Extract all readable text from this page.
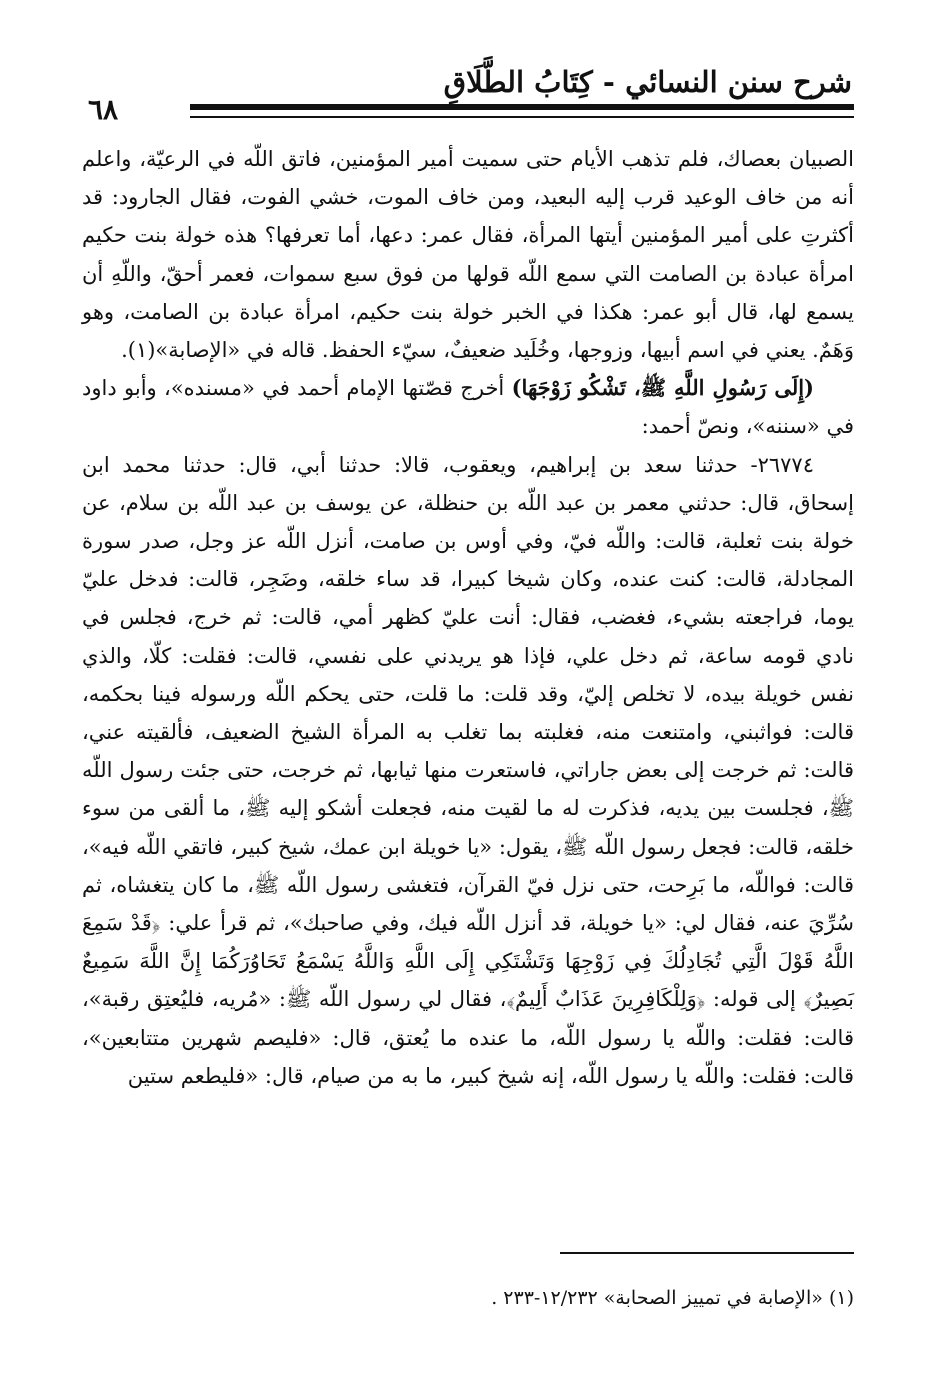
شرح سنن النسائي - كِتَابُ الطَّلَاقِ
٦٨

الصبيان بعصاك، فلم تذهب الأيام حتى سميت أمير المؤمنين، فاتق اللّه في الرعيّة، واعلم أنه من خاف الوعيد قرب إليه البعيد، ومن خاف الموت، خشي الفوت، فقال الجارود: قد أكثرتِ على أمير المؤمنين أيتها المرأة، فقال عمر: دعها، أما تعرفها؟ هذه خولة بنت حكيم امرأة عبادة بن الصامت التي سمع اللّه قولها من فوق سبع سموات، فعمر أحقّ، واللّهِ أن يسمع لها، قال أبو عمر: هكذا في الخبر خولة بنت حكيم، امرأة عبادة بن الصامت، وهو وَهَمٌ. يعني في اسم أبيها، وزوجها، وخُلَيد ضعيفٌ، سيّء الحفظ. قاله في «الإصابة»(١).

(إِلَى رَسُولِ اللَّهِ ﷺ، تَشْكُو زَوْجَهَا) أخرج قصّتها الإمام أحمد في «مسنده»، وأبو داود في «سننه»، ونصّ أحمد:

٢٦٧٧٤- حدثنا سعد بن إبراهيم، ويعقوب، قالا: حدثنا أبي، قال: حدثنا محمد ابن إسحاق، قال: حدثني معمر بن عبد اللّه بن حنظلة، عن يوسف بن عبد اللّه بن سلام، عن خولة بنت ثعلبة، قالت: واللّه فيّ، وفي أوس بن صامت، أنزل اللّه عز وجل، صدر سورة المجادلة، قالت: كنت عنده، وكان شيخا كبيرا، قد ساء خلقه، وضَجِر، قالت: فدخل عليّ يوما، فراجعته بشيء، فغضب، فقال: أنت عليّ كظهر أمي، قالت: ثم خرج، فجلس في نادي قومه ساعة، ثم دخل علي، فإذا هو يريدني على نفسي، قالت: فقلت: كلّا، والذي نفس خويلة بيده، لا تخلص إليّ، وقد قلت: ما قلت، حتى يحكم اللّه ورسوله فينا بحكمه، قالت: فواثبني، وامتنعت منه، فغلبته بما تغلب به المرأة الشيخ الضعيف، فألقيته عني، قالت: ثم خرجت إلى بعض جاراتي، فاستعرت منها ثيابها، ثم خرجت، حتى جئت رسول اللّه ﷺ، فجلست بين يديه، فذكرت له ما لقيت منه، فجعلت أشكو إليه ﷺ، ما ألقى من سوء خلقه، قالت: فجعل رسول اللّه ﷺ، يقول: «يا خويلة ابن عمك، شيخ كبير، فاتقي اللّه فيه»، قالت: فواللّه، ما بَرِحت، حتى نزل فيّ القرآن، فتغشى رسول اللّه ﷺ، ما كان يتغشاه، ثم سُرِّيَ عنه، فقال لي: «يا خويلة، قد أنزل اللّه فيك، وفي صاحبك»، ثم قرأ علي: ﴿قَدْ سَمِعَ اللَّهُ قَوْلَ الَّتِي تُجَادِلُكَ فِي زَوْجِهَا وَتَشْتَكِي إِلَى اللَّهِ وَاللَّهُ يَسْمَعُ تَحَاوُرَكُمَا إِنَّ اللَّهَ سَمِيعٌ بَصِيرٌ﴾ إلى قوله: ﴿وَلِلْكَافِرِينَ عَذَابٌ أَلِيمٌ﴾، فقال لي رسول اللّه ﷺ: «مُريه، فليُعتِق رقبة»، قالت: فقلت: واللّه يا رسول اللّه، ما عنده ما يُعتق، قال: «فليصم شهرين متتابعين»، قالت: فقلت: واللّه يا رسول اللّه، إنه شيخ كبير، ما به من صيام، قال: «فليطعم ستين

(١) «الإصابة في تمييز الصحابة» ١٢/٢٣٢-٢٣٣ .
